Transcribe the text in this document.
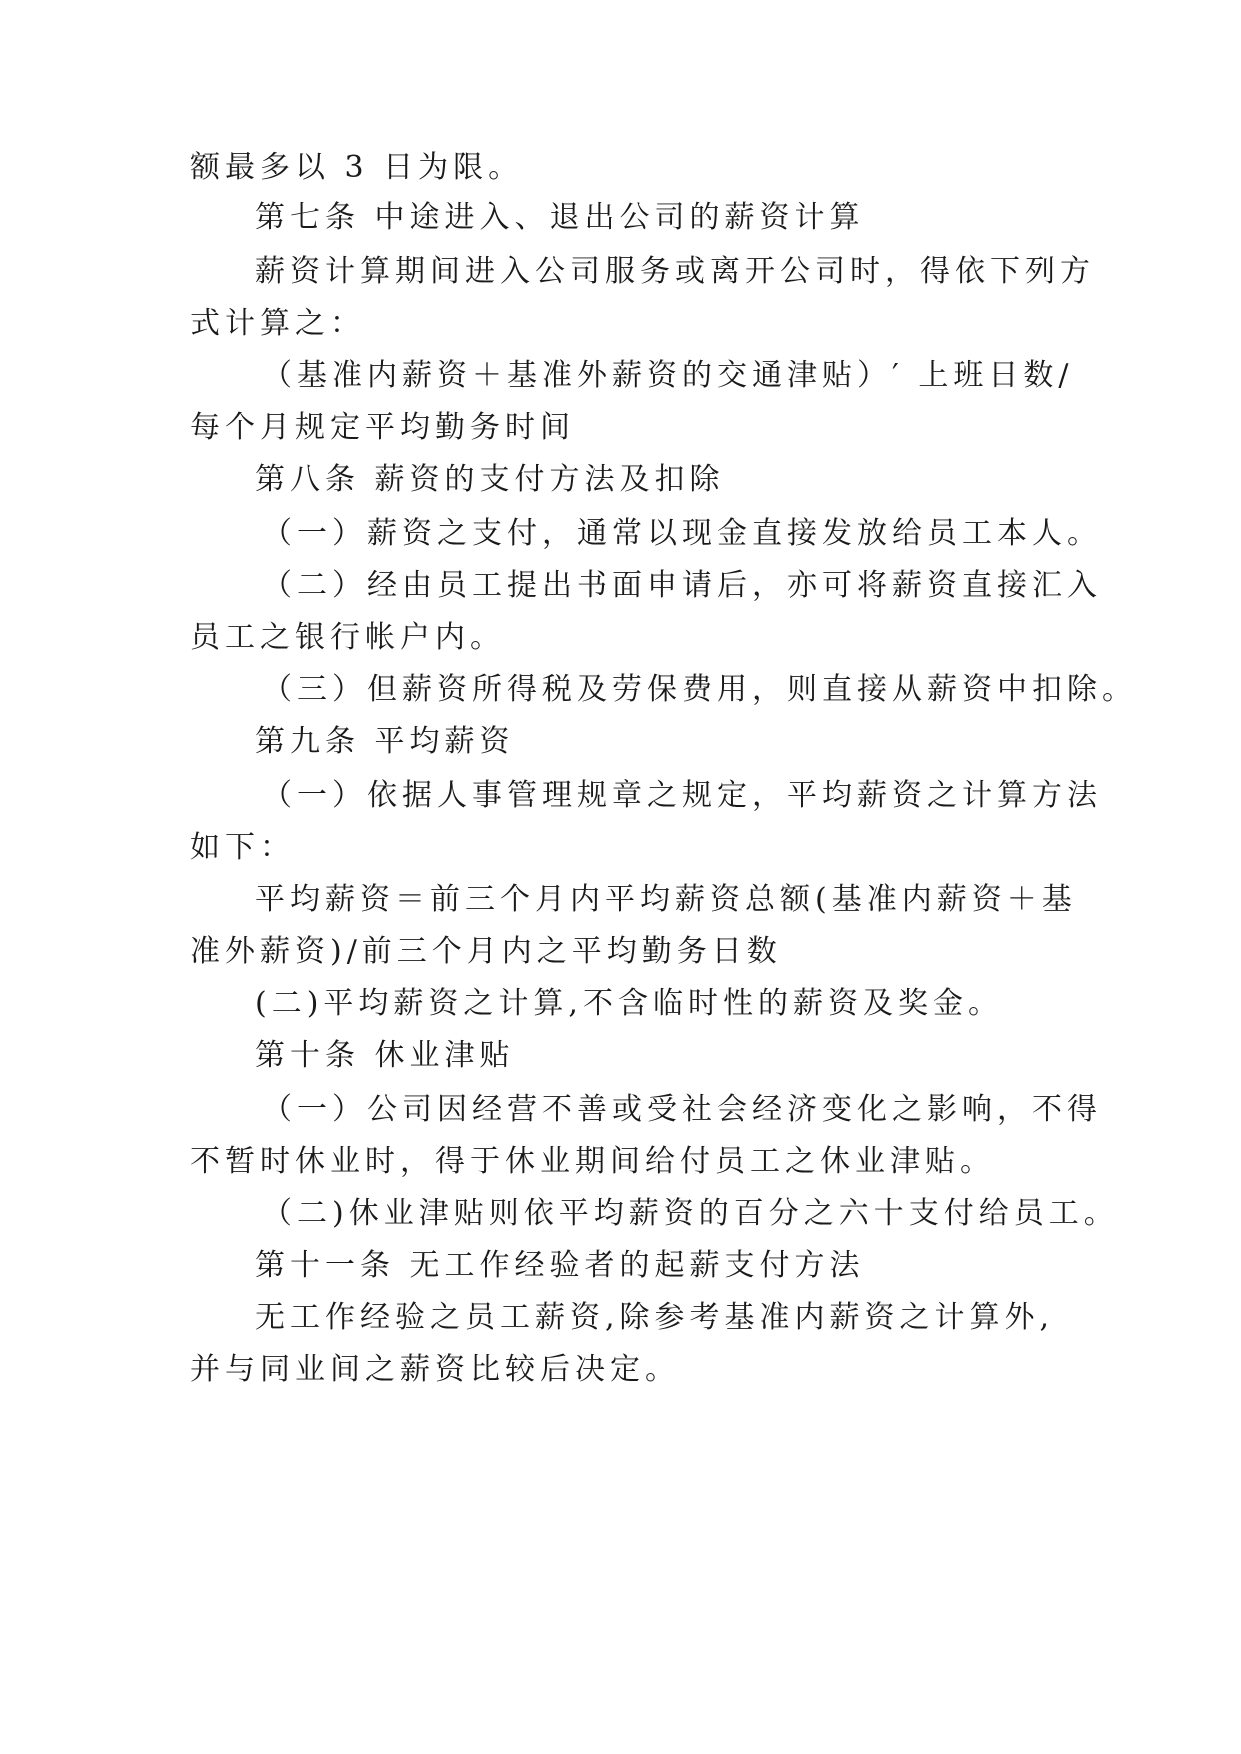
额最多以 3 日为限。
第七条 中途进入、退出公司的薪资计算
薪资计算期间进入公司服务或离开公司时，得依下列方
式计算之：
（基准内薪资＋基准外薪资的交通津贴）′ 上班日数/
每个月规定平均勤务时间
第八条 薪资的支付方法及扣除
（一）薪资之支付，通常以现金直接发放给员工本人。
（二）经由员工提出书面申请后，亦可将薪资直接汇入
员工之银行帐户内。
（三）但薪资所得税及劳保费用，则直接从薪资中扣除。
第九条 平均薪资
（一）依据人事管理规章之规定，平均薪资之计算方法
如下：
平均薪资＝前三个月内平均薪资总额(基准内薪资＋基
准外薪资)/前三个月内之平均勤务日数
(二)平均薪资之计算,不含临时性的薪资及奖金。
第十条 休业津贴
（一）公司因经营不善或受社会经济变化之影响，不得
不暂时休业时，得于休业期间给付员工之休业津贴。
（二)休业津贴则依平均薪资的百分之六十支付给员工。
第十一条 无工作经验者的起薪支付方法
无工作经验之员工薪资,除参考基准内薪资之计算外,
并与同业间之薪资比较后决定。
